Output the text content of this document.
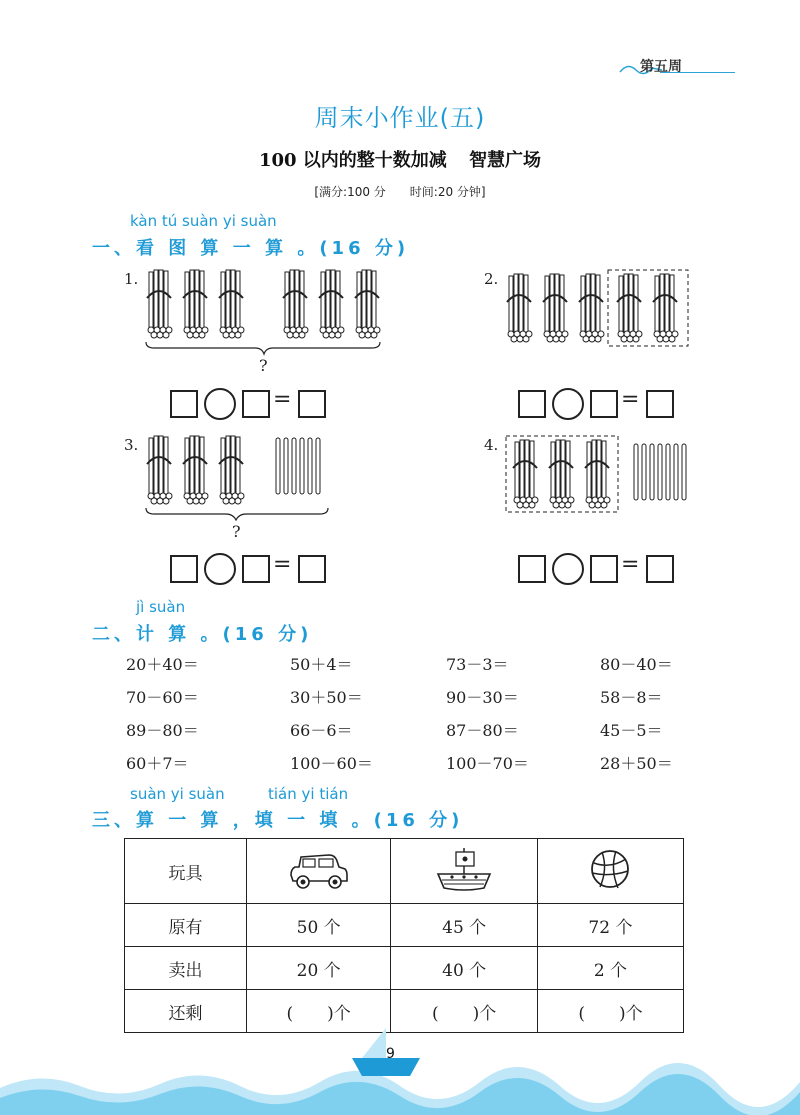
第五周
周末小作业(五)
100 以内的整十数加减 智慧广场
[满分:100 分　　时间:20 分钟]
kàn tú suàn yi suàn
一、看 图 算 一 算 。(16 分)
1.
?
=
2.
=
3.
?
=
4.
=
jì suàn
二、计 算 。(16 分)
20＋40＝	50＋4＝	73－3＝	80－40＝
70－60＝	30＋50＝	90－30＝	58－8＝
89－80＝	66－6＝	87－80＝	45－5＝
60＋7＝	100－60＝	100－70＝	28＋50＝
suàn yi suàn	tián yi tián
三、算 一 算 ，填 一 填 。(16 分)
玩具			
原有	50 个	45 个	72 个
卖出	20 个	40 个	2 个
还剩	(　　)个	(　　)个	(　　)个
9
